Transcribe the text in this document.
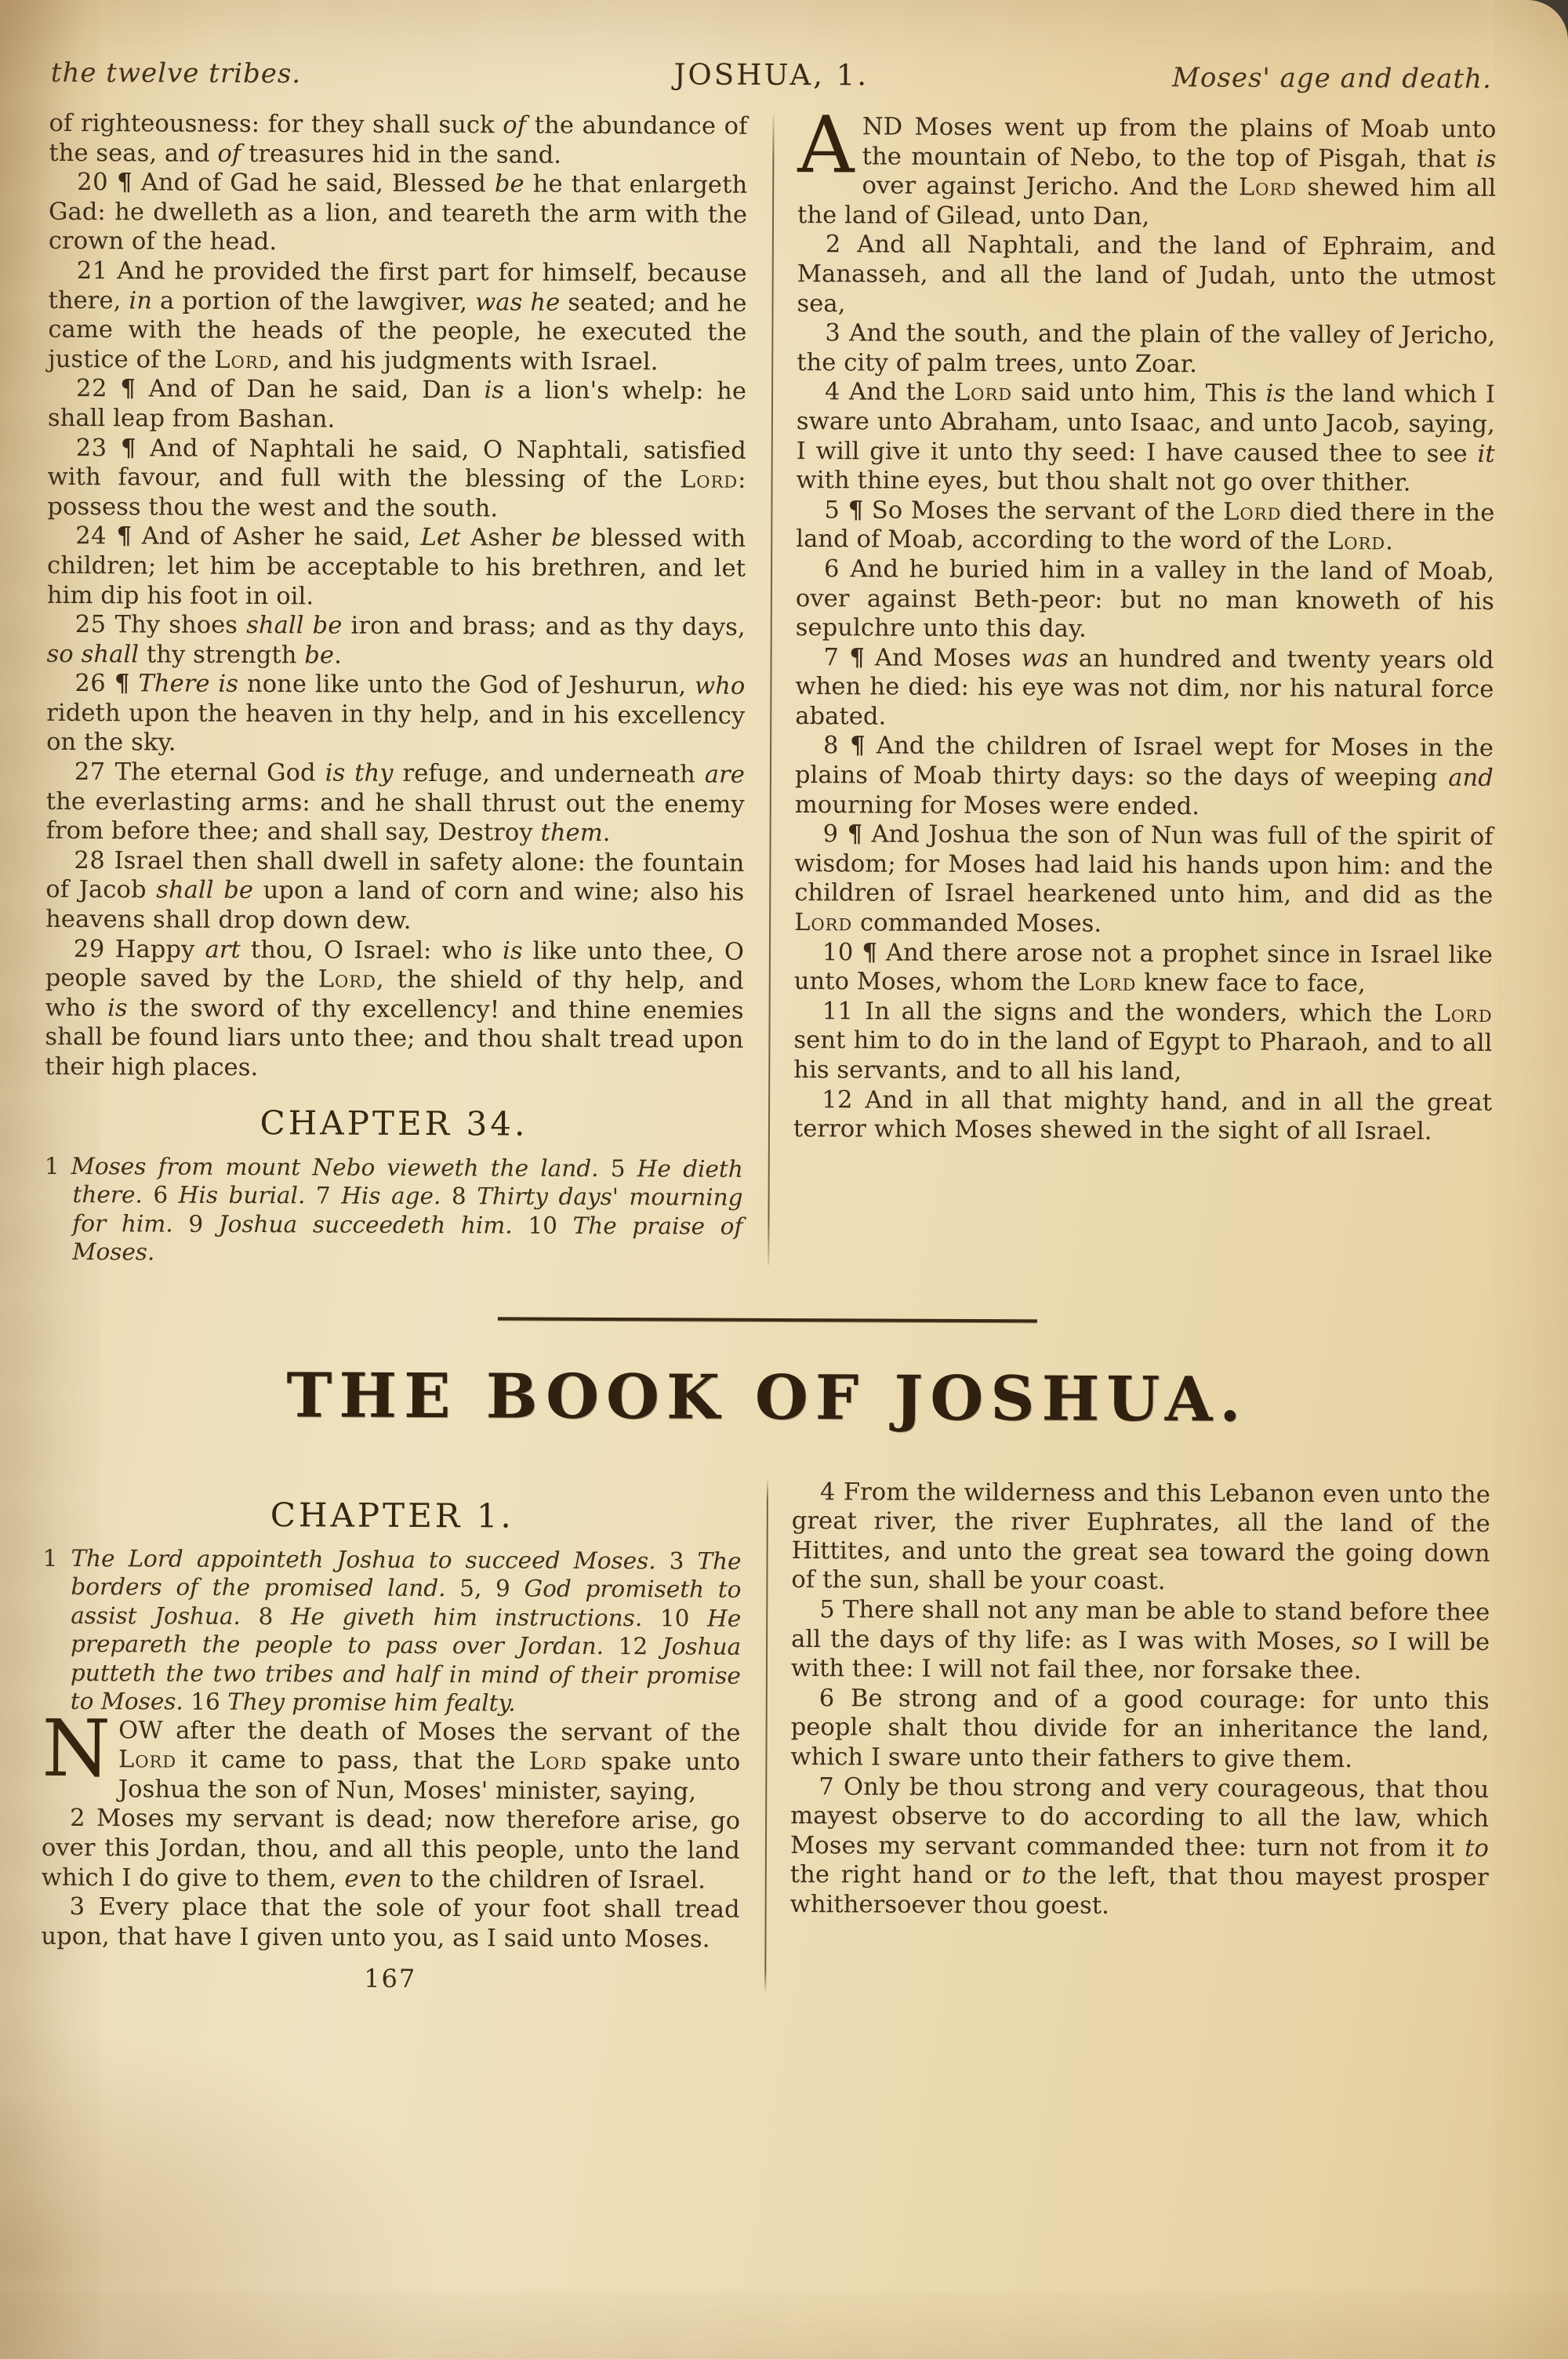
the twelve tribes.	JOSHUA, 1.	Moses' age and death.

of righteousness: for they shall suck of the abundance of the seas, and of treasures hid in the sand.

20 ¶ And of Gad he said, Blessed be he that enlargeth Gad: he dwelleth as a lion, and teareth the arm with the crown of the head.

21 And he provided the first part for himself, because there, in a portion of the lawgiver, was he seated; and he came with the heads of the people, he executed the justice of the Lord, and his judgments with Israel.

22 ¶ And of Dan he said, Dan is a lion's whelp: he shall leap from Bashan.

23 ¶ And of Naphtali he said, O Naphtali, satisfied with favour, and full with the blessing of the Lord: possess thou the west and the south.

24 ¶ And of Asher he said, Let Asher be blessed with children; let him be acceptable to his brethren, and let him dip his foot in oil.

25 Thy shoes shall be iron and brass; and as thy days, so shall thy strength be.

26 ¶ There is none like unto the God of Jeshurun, who rideth upon the heaven in thy help, and in his excellency on the sky.

27 The eternal God is thy refuge, and underneath are the everlasting arms: and he shall thrust out the enemy from before thee; and shall say, Destroy them.

28 Israel then shall dwell in safety alone: the fountain of Jacob shall be upon a land of corn and wine; also his heavens shall drop down dew.

29 Happy art thou, O Israel: who is like unto thee, O people saved by the Lord, the shield of thy help, and who is the sword of thy excellency! and thine enemies shall be found liars unto thee; and thou shalt tread upon their high places.

CHAPTER 34.

1 Moses from mount Nebo vieweth the land. 5 He dieth there. 6 His burial. 7 His age. 8 Thirty days' mourning for him. 9 Joshua succeedeth him. 10 The praise of Moses.

AND Moses went up from the plains of Moab unto the mountain of Nebo, to the top of Pisgah, that is over against Jericho. And the Lord shewed him all the land of Gilead, unto Dan,

2 And all Naphtali, and the land of Ephraim, and Manasseh, and all the land of Judah, unto the utmost sea,

3 And the south, and the plain of the valley of Jericho, the city of palm trees, unto Zoar.

4 And the Lord said unto him, This is the land which I sware unto Abraham, unto Isaac, and unto Jacob, saying, I will give it unto thy seed: I have caused thee to see it with thine eyes, but thou shalt not go over thither.

5 ¶ So Moses the servant of the Lord died there in the land of Moab, according to the word of the Lord.

6 And he buried him in a valley in the land of Moab, over against Beth-peor: but no man knoweth of his sepulchre unto this day.

7 ¶ And Moses was an hundred and twenty years old when he died: his eye was not dim, nor his natural force abated.

8 ¶ And the children of Israel wept for Moses in the plains of Moab thirty days: so the days of weeping and mourning for Moses were ended.

9 ¶ And Joshua the son of Nun was full of the spirit of wisdom; for Moses had laid his hands upon him: and the children of Israel hearkened unto him, and did as the Lord commanded Moses.

10 ¶ And there arose not a prophet since in Israel like unto Moses, whom the Lord knew face to face,

11 In all the signs and the wonders, which the Lord sent him to do in the land of Egypt to Pharaoh, and to all his servants, and to all his land,

12 And in all that mighty hand, and in all the great terror which Moses shewed in the sight of all Israel.

THE BOOK OF JOSHUA.

CHAPTER 1.

1 The Lord appointeth Joshua to succeed Moses. 3 The borders of the promised land. 5, 9 God promiseth to assist Joshua. 8 He giveth him instructions. 10 He prepareth the people to pass over Jordan. 12 Joshua putteth the two tribes and half in mind of their promise to Moses. 16 They promise him fealty.

NOW after the death of Moses the servant of the Lord it came to pass, that the Lord spake unto Joshua the son of Nun, Moses' minister, saying,

2 Moses my servant is dead; now therefore arise, go over this Jordan, thou, and all this people, unto the land which I do give to them, even to the children of Israel.

3 Every place that the sole of your foot shall tread upon, that have I given unto you, as I said unto Moses.

167

4 From the wilderness and this Lebanon even unto the great river, the river Euphrates, all the land of the Hittites, and unto the great sea toward the going down of the sun, shall be your coast.

5 There shall not any man be able to stand before thee all the days of thy life: as I was with Moses, so I will be with thee: I will not fail thee, nor forsake thee.

6 Be strong and of a good courage: for unto this people shalt thou divide for an inheritance the land, which I sware unto their fathers to give them.

7 Only be thou strong and very courageous, that thou mayest observe to do according to all the law, which Moses my servant commanded thee: turn not from it to the right hand or to the left, that thou mayest prosper whithersoever thou goest.
